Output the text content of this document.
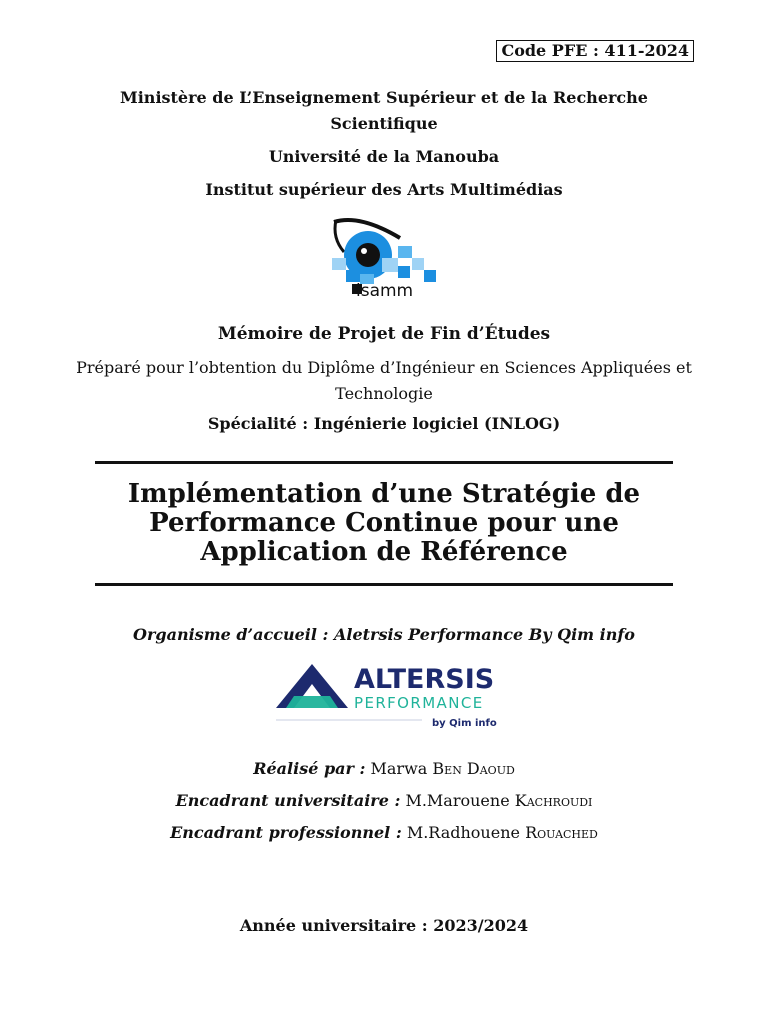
Code PFE : 411-2024
Ministère de L’Enseignement Supérieur et de la Recherche
Scientifique
Université de la Manouba
Institut supérieur des Arts Multimédias
isamm
Mémoire de Projet de Fin d’Études
Préparé pour l’obtention du Diplôme d’Ingénieur en Sciences Appliquées et
Technologie
Spécialité : Ingénierie logiciel (INLOG)
Implémentation d’une Stratégie de
Performance Continue pour une
Application de Référence
Organisme d’accueil : Aletrsis Performance By Qim info
ALTERSIS
PERFORMANCE
by Qim info
Réalisé par : Marwa Ben Daoud
Encadrant universitaire : M.Marouene Kachroudi
Encadrant professionnel : M.Radhouene Rouached
Année universitaire : 2023/2024
